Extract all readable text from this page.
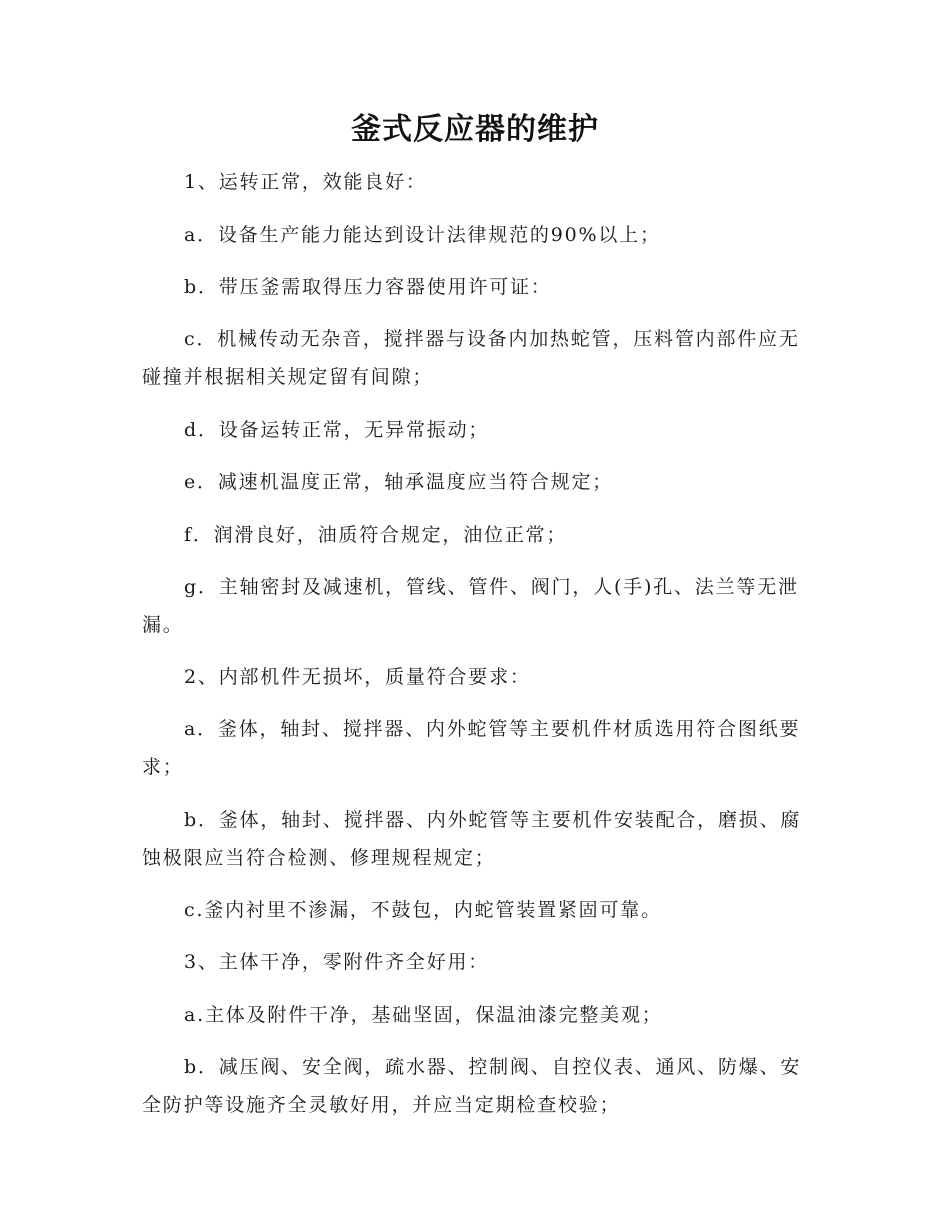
釜式反应器的维护

1、运转正常，效能良好：

a．设备生产能力能达到设计法律规范的90%以上；

b．带压釜需取得压力容器使用许可证：

c．机械传动无杂音，搅拌器与设备内加热蛇管，压料管内部件应无碰撞并根据相关规定留有间隙；

d．设备运转正常，无异常振动；

e．减速机温度正常，轴承温度应当符合规定；

f．润滑良好，油质符合规定，油位正常；

g．主轴密封及减速机，管线、管件、阀门，人(手)孔、法兰等无泄漏。

2、内部机件无损坏，质量符合要求：

a．釜体，轴封、搅拌器、内外蛇管等主要机件材质选用符合图纸要求；

b．釜体，轴封、搅拌器、内外蛇管等主要机件安装配合，磨损、腐蚀极限应当符合检测、修理规程规定；

c.釜内衬里不渗漏，不鼓包，内蛇管装置紧固可靠。

3、主体干净，零附件齐全好用：

a.主体及附件干净，基础坚固，保温油漆完整美观；

b．减压阀、安全阀，疏水器、控制阀、自控仪表、通风、防爆、安全防护等设施齐全灵敏好用，并应当定期检查校验；
